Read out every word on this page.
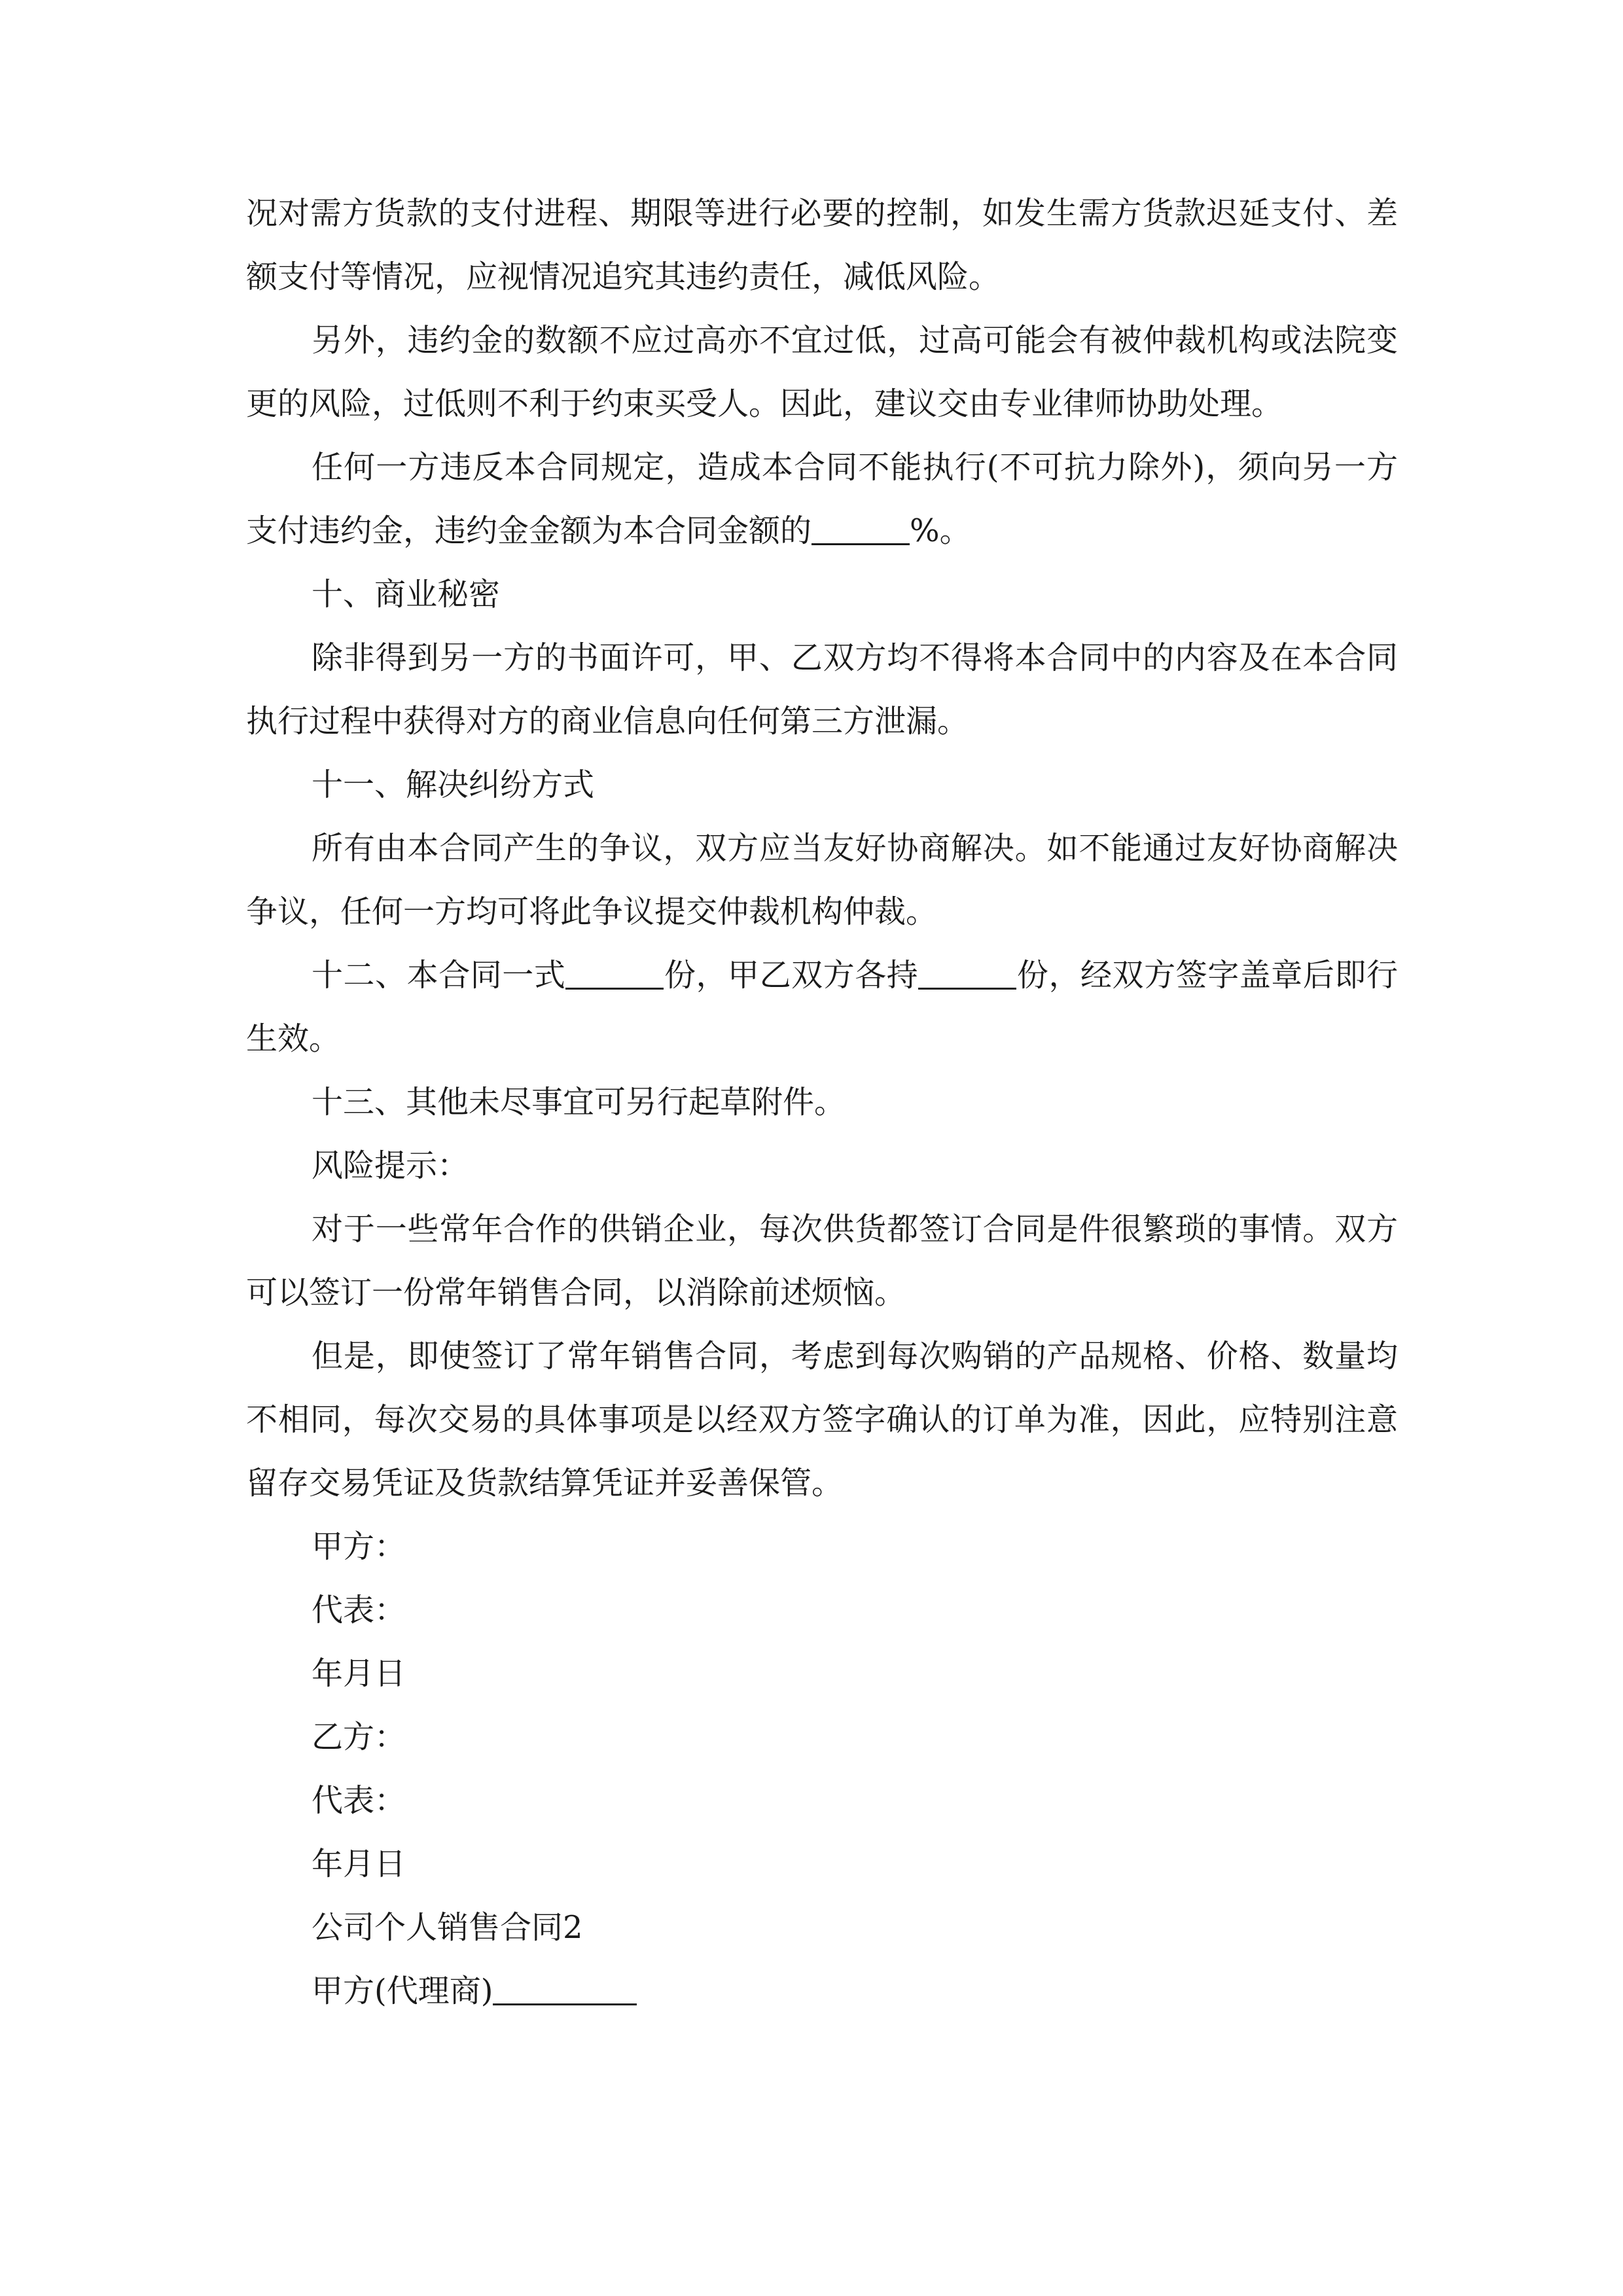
况对需方货款的支付进程、期限等进行必要的控制，如发生需方货款迟延支付、差额支付等情况，应视情况追究其违约责任，减低风险。

另外，违约金的数额不应过高亦不宜过低，过高可能会有被仲裁机构或法院变更的风险，过低则不利于约束买受人。因此，建议交由专业律师协助处理。

任何一方违反本合同规定，造成本合同不能执行(不可抗力除外)，须向另一方支付违约金，违约金金额为本合同金额的	%。

十、商业秘密

除非得到另一方的书面许可，甲、乙双方均不得将本合同中的内容及在本合同执行过程中获得对方的商业信息向任何第三方泄漏。

十一、解决纠纷方式

所有由本合同产生的争议，双方应当友好协商解决。如不能通过友好协商解决争议，任何一方均可将此争议提交仲裁机构仲裁。

十二、本合同一式	份，甲乙双方各持	份，经双方签字盖章后即行生效。

十三、其他未尽事宜可另行起草附件。

风险提示：

对于一些常年合作的供销企业，每次供货都签订合同是件很繁琐的事情。双方可以签订一份常年销售合同，以消除前述烦恼。

但是，即使签订了常年销售合同，考虑到每次购销的产品规格、价格、数量均不相同，每次交易的具体事项是以经双方签字确认的订单为准，因此，应特别注意留存交易凭证及货款结算凭证并妥善保管。

甲方：

代表：

年月日

乙方：

代表：

年月日

公司个人销售合同2

甲方(代理商)
